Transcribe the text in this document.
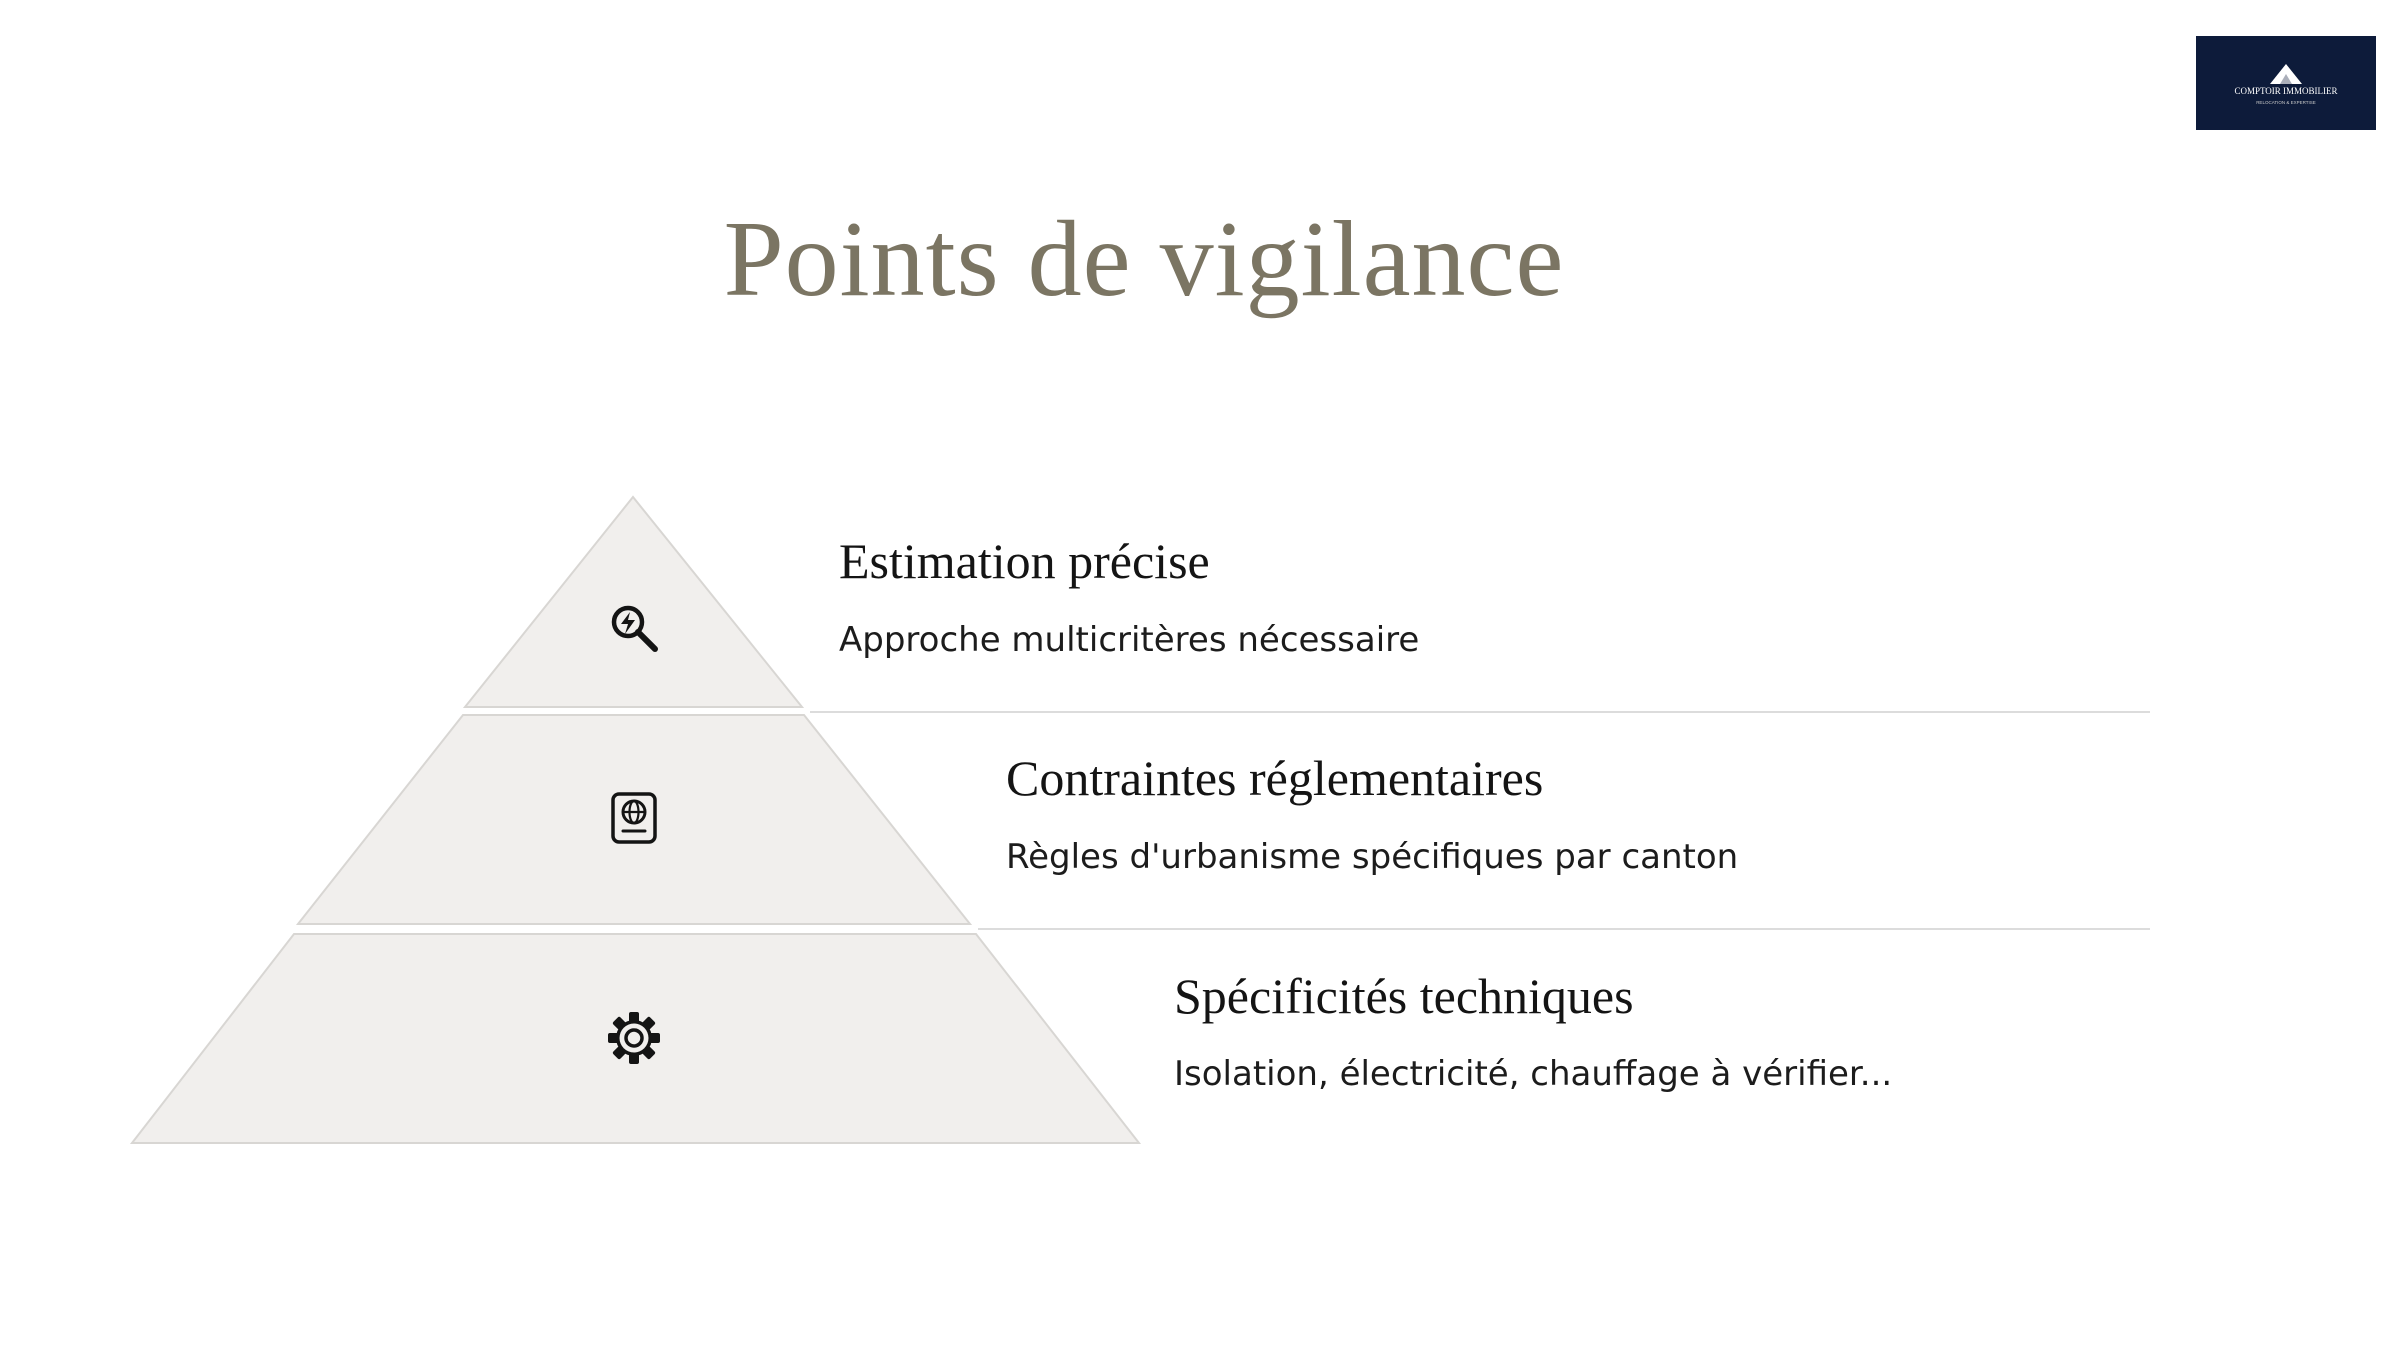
COMPTOIR IMMOBILIER
RELOCATION & EXPERTISE
Points de vigilance
Estimation précise
Approche multicritères nécessaire
Contraintes réglementaires
Règles d'urbanisme spécifiques par canton
Spécificités techniques
Isolation, électricité, chauffage à vérifier...
